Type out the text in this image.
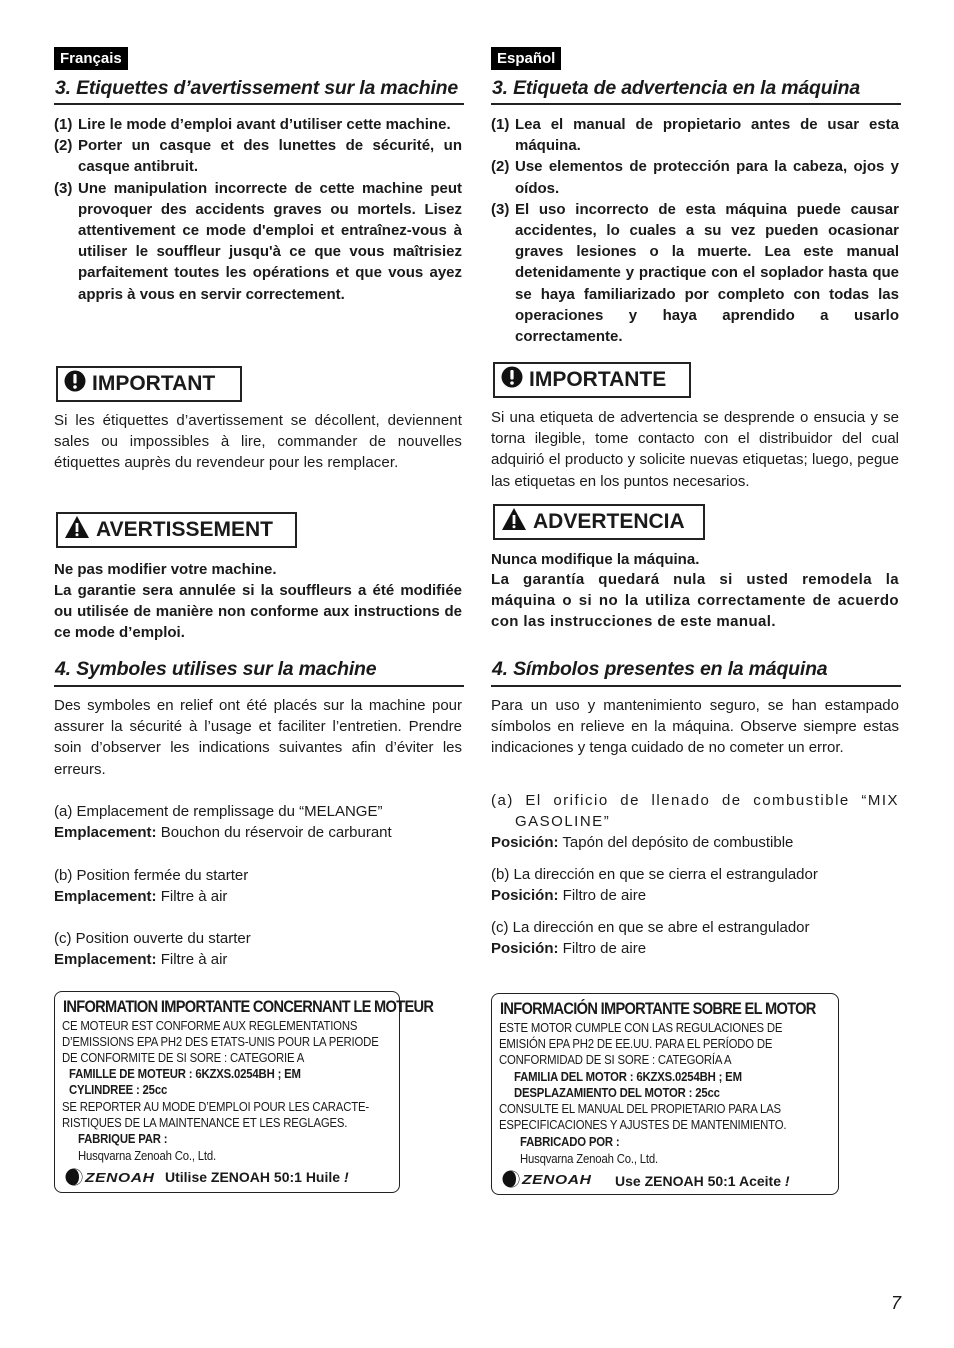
Français
3. Etiquettes d’avertissement sur la machine
(1) Lire le mode d’emploi avant d’utiliser cette machine.
(2) Porter un casque et des lunettes de sécurité, un casque antibruit.
(3) Une manipulation incorrecte de cette machine peut provoquer des accidents graves ou mortels. Lisez attentivement ce mode d'emploi et entraînez-vous à utiliser le souffleur jusqu'à ce que vous maîtrisiez parfaitement toutes les opérations et que vous ayez appris à vous en servir correctement.
IMPORTANT

Si les étiquettes d’avertissement se décollent, deviennent sales ou impossibles à lire, commander de nouvelles étiquettes auprès du revendeur pour les remplacer.

AVERTISSEMENT

Ne pas modifier votre machine.

La garantie sera annulée si la souffleurs a été modifiée ou utilisée de manière non conforme aux instructions de ce mode d’emploi.

4. Symboles utilises sur la machine

Des symboles en relief ont été placés sur la machine pour assurer la sécurité à l’usage et faciliter l’entretien. Prendre soin d’observer les indications suivantes afin d’éviter les erreurs.

(a) Emplacement de remplissage du “MELANGE”
Emplacement: Bouchon du réservoir de carburant
(b) Position fermée du starter
Emplacement: Filtre à air
(c) Position ouverte du starter
Emplacement: Filtre à air
INFORMATION IMPORTANTE CONCERNANT LE MOTEUR
CE MOTEUR EST CONFORME AUX REGLEMENTATIONS
D’EMISSIONS EPA PH2 DES ETATS-UNIS POUR LA PERIODE
DE CONFORMITE DE SI SORE : CATEGORIE A
FAMILLE DE MOTEUR : 6KZXS.0254BH ; EM
CYLINDREE : 25cc
SE REPORTER AU MODE D’EMPLOI POUR LES CARACTE-
RISTIQUES DE LA MAINTENANCE ET LES REGLAGES.
FABRIQUE PAR :
Husqvarna Zenoah Co., Ltd.
ZENOAH Utilise ZENOAH 50:1 Huile !
Español
3. Etiqueta de advertencia en la máquina
(1) Lea el manual de propietario antes de usar esta máquina.
(2) Use elementos de protección para la cabeza, ojos y oídos.
(3) El uso incorrecto de esta máquina puede causar accidentes, lo cuales a su vez pueden ocasionar graves lesiones o la muerte. Lea este manual detenidamente y practique con el soplador hasta que se haya familiarizado por completo con todas las operaciones y haya aprendido a usarlo correctamente.
IMPORTANTE

Si una etiqueta de advertencia se desprende o ensucia y se torna ilegible, tome contacto con el distribuidor del cual adquirió el producto y solicite nuevas etiquetas; luego, pegue las etiquetas en los puntos necesarios.

ADVERTENCIA

Nunca modifique la máquina.

La garantía quedará nula si usted remodela la máquina o si no la utiliza correctamente de acuerdo con las instrucciones de este manual.

4. Símbolos presentes en la máquina

Para un uso y mantenimiento seguro, se han estampado símbolos en relieve en la máquina. Observe siempre estas indicaciones y tenga cuidado de no cometer un error.

(a) El orificio de llenado de combustible “MIX GASOLINE”
Posición: Tapón del depósito de combustible
(b) La dirección en que se cierra el estrangulador
Posición: Filtro de aire
(c) La dirección en que se abre el estrangulador
Posición: Filtro de aire
INFORMACIÓN IMPORTANTE SOBRE EL MOTOR
ESTE MOTOR CUMPLE CON LAS REGULACIONES DE
EMISIÓN EPA PH2 DE EE.UU. PARA EL PERÍODO DE
CONFORMIDAD DE SI SORE : CATEGORÍA A
FAMILIA DEL MOTOR : 6KZXS.0254BH ; EM
DESPLAZAMIENTO DEL MOTOR : 25cc
CONSULTE EL MANUAL DEL PROPIETARIO PARA LAS
ESPECIFICACIONES Y AJUSTES DE MANTENIMIENTO.
FABRICADO POR :
Husqvarna Zenoah Co., Ltd.
ZENOAH Use ZENOAH 50:1 Aceite !
7
